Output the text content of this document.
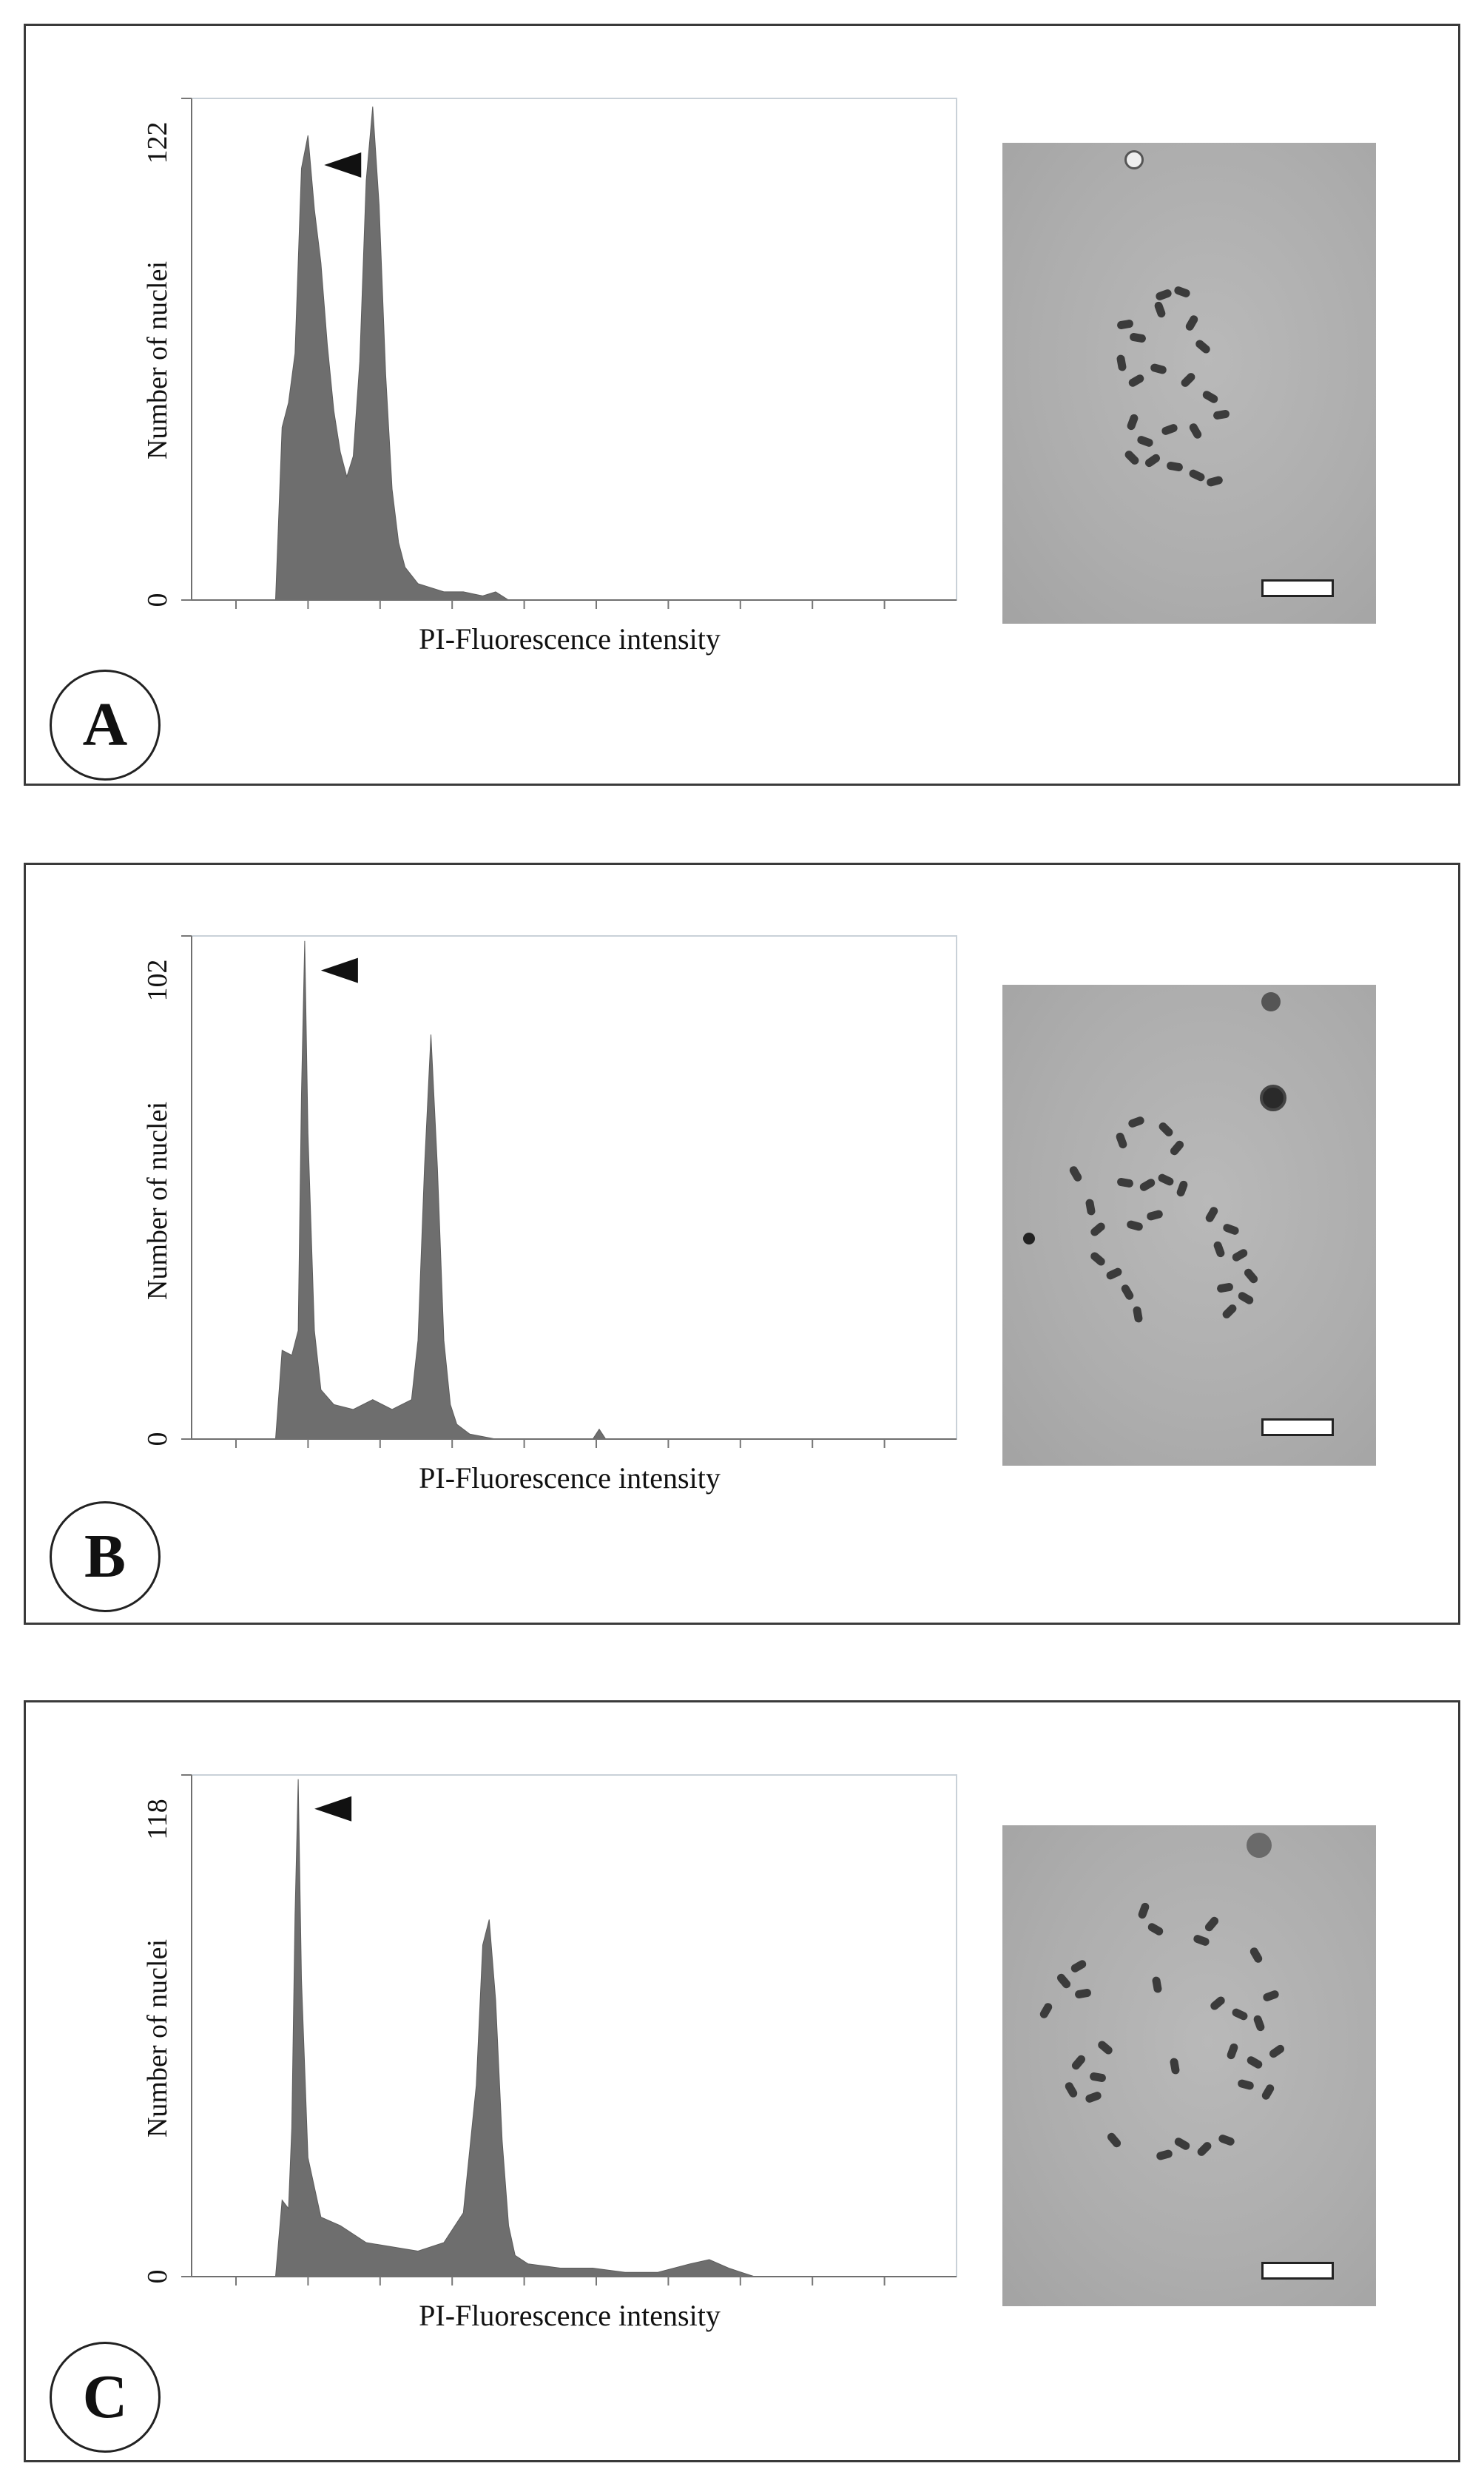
122
0
Number of nuclei
PI-Fluorescence intensity
A
102
0
Number of nuclei
PI-Fluorescence intensity
B
118
0
Number of nuclei
PI-Fluorescence intensity
C
